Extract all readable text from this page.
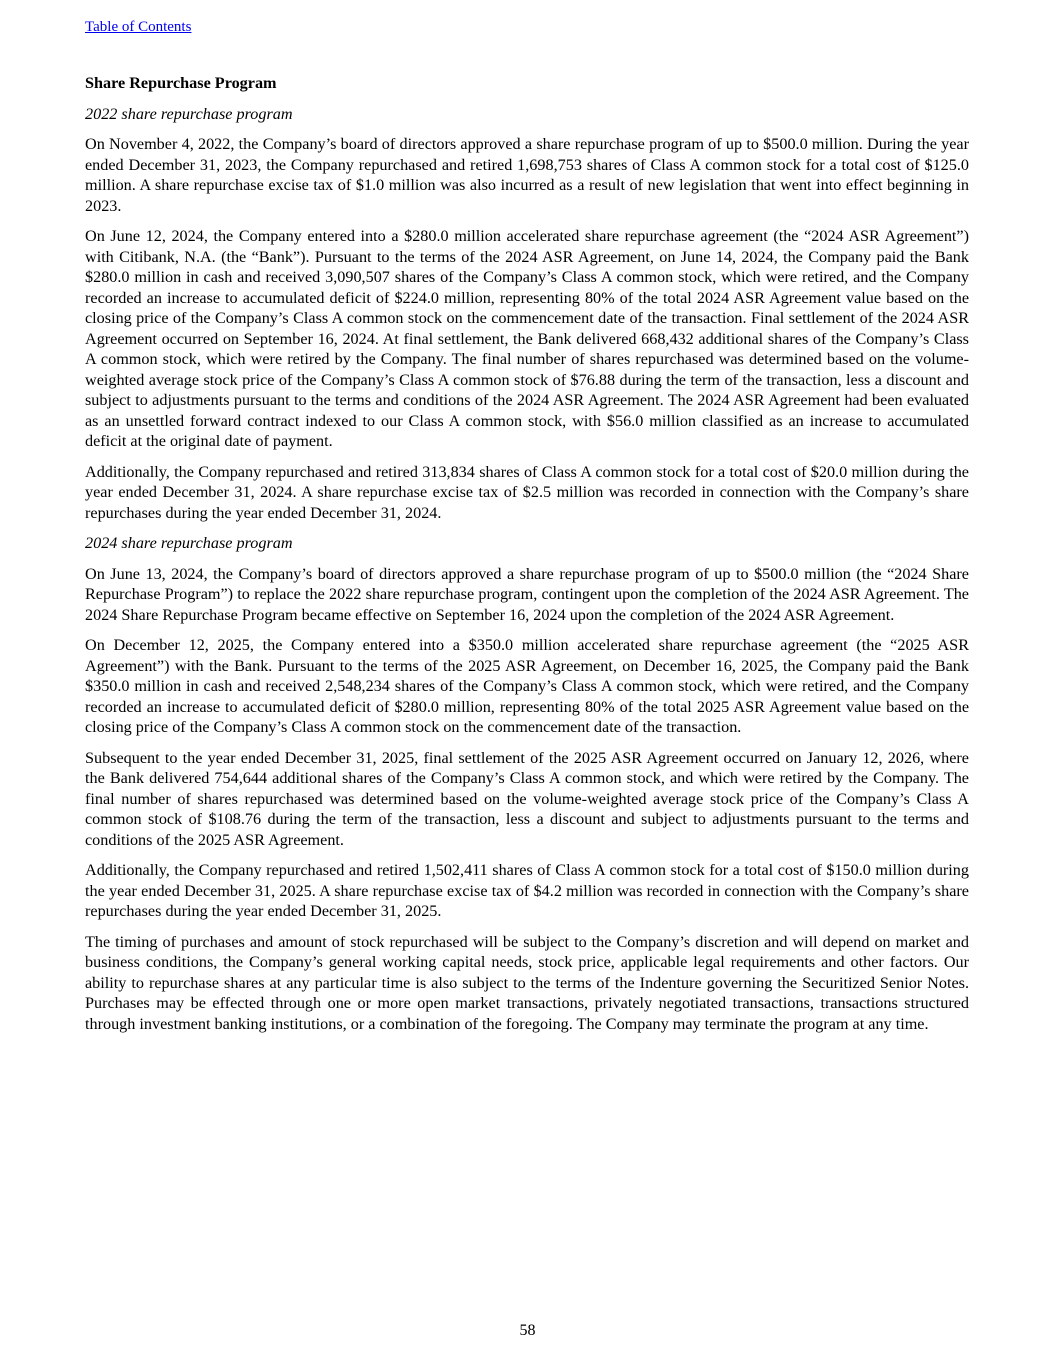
Table of Contents
Share Repurchase Program
2022 share repurchase program

On November 4, 2022, the Company’s board of directors approved a share repurchase program of up to $500.0 million. During the year ended December 31, 2023, the Company repurchased and retired 1,698,753 shares of Class A common stock for a total cost of $125.0 million. A share repurchase excise tax of $1.0 million was also incurred as a result of new legislation that went into effect beginning in 2023.

On June 12, 2024, the Company entered into a $280.0 million accelerated share repurchase agreement (the “2024 ASR Agreement”) with Citibank, N.A. (the “Bank”). Pursuant to the terms of the 2024 ASR Agreement, on June 14, 2024, the Company paid the Bank $280.0 million in cash and received 3,090,507 shares of the Company’s Class A common stock, which were retired, and the Company recorded an increase to accumulated deficit of $224.0 million, representing 80% of the total 2024 ASR Agreement value based on the closing price of the Company’s Class A common stock on the commencement date of the transaction. Final settlement of the 2024 ASR Agreement occurred on September 16, 2024. At final settlement, the Bank delivered 668,432 additional shares of the Company’s Class A common stock, which were retired by the Company. The final number of shares repurchased was determined based on the volume-weighted average stock price of the Company’s Class A common stock of $76.88 during the term of the transaction, less a discount and subject to adjustments pursuant to the terms and conditions of the 2024 ASR Agreement. The 2024 ASR Agreement had been evaluated as an unsettled forward contract indexed to our Class A common stock, with $56.0 million classified as an increase to accumulated deficit at the original date of payment.

Additionally, the Company repurchased and retired 313,834 shares of Class A common stock for a total cost of $20.0 million during the year ended December 31, 2024. A share repurchase excise tax of $2.5 million was recorded in connection with the Company’s share repurchases during the year ended December 31, 2024.

2024 share repurchase program

On June 13, 2024, the Company’s board of directors approved a share repurchase program of up to $500.0 million (the “2024 Share Repurchase Program”) to replace the 2022 share repurchase program, contingent upon the completion of the 2024 ASR Agreement. The 2024 Share Repurchase Program became effective on September 16, 2024 upon the completion of the 2024 ASR Agreement.

On December 12, 2025, the Company entered into a $350.0 million accelerated share repurchase agreement (the “2025 ASR Agreement”) with the Bank. Pursuant to the terms of the 2025 ASR Agreement, on December 16, 2025, the Company paid the Bank $350.0 million in cash and received 2,548,234 shares of the Company’s Class A common stock, which were retired, and the Company recorded an increase to accumulated deficit of $280.0 million, representing 80% of the total 2025 ASR Agreement value based on the closing price of the Company’s Class A common stock on the commencement date of the transaction.

Subsequent to the year ended December 31, 2025, final settlement of the 2025 ASR Agreement occurred on January 12, 2026, where the Bank delivered 754,644 additional shares of the Company’s Class A common stock, and which were retired by the Company. The final number of shares repurchased was determined based on the volume-weighted average stock price of the Company’s Class A common stock of $108.76 during the term of the transaction, less a discount and subject to adjustments pursuant to the terms and conditions of the 2025 ASR Agreement.

Additionally, the Company repurchased and retired 1,502,411 shares of Class A common stock for a total cost of $150.0 million during the year ended December 31, 2025. A share repurchase excise tax of $4.2 million was recorded in connection with the Company’s share repurchases during the year ended December 31, 2025.

The timing of purchases and amount of stock repurchased will be subject to the Company’s discretion and will depend on market and business conditions, the Company’s general working capital needs, stock price, applicable legal requirements and other factors. Our ability to repurchase shares at any particular time is also subject to the terms of the Indenture governing the Securitized Senior Notes. Purchases may be effected through one or more open market transactions, privately negotiated transactions, transactions structured through investment banking institutions, or a combination of the foregoing. The Company may terminate the program at any time.

58
